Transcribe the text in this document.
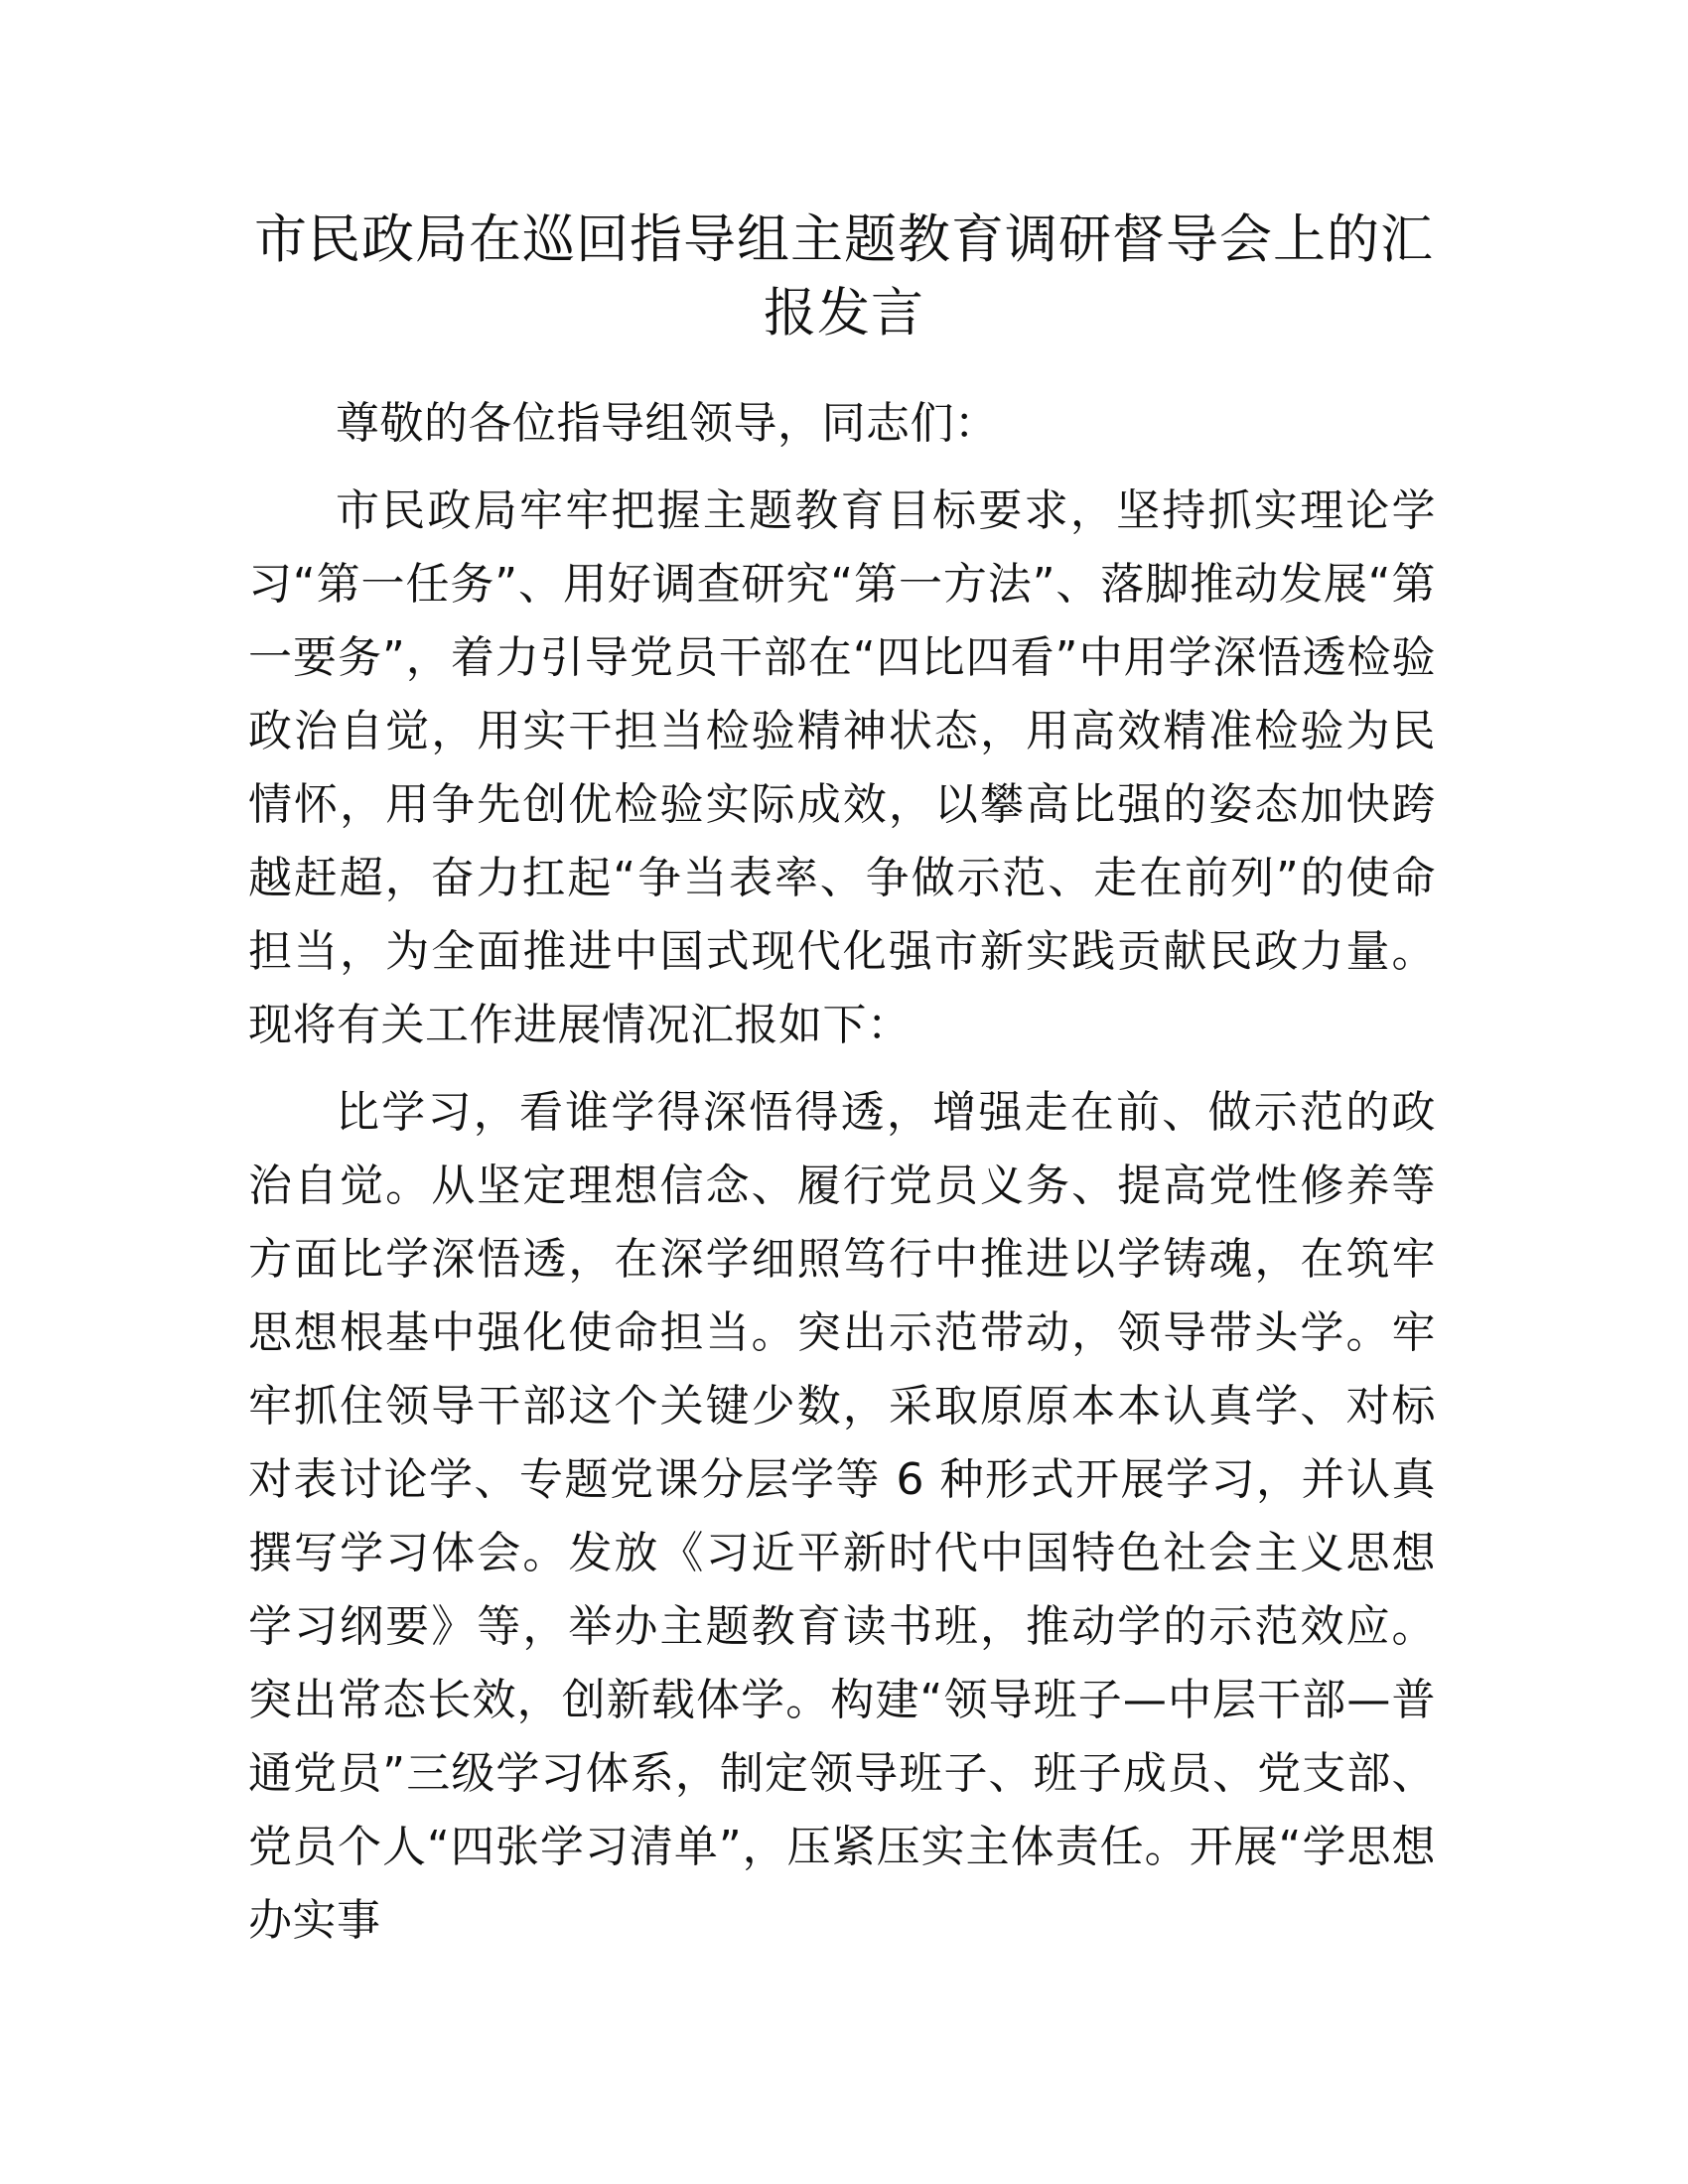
市民政局在巡回指导组主题教育调研督导会上的汇报发言

尊敬的各位指导组领导，同志们：

市民政局牢牢把握主题教育目标要求，坚持抓实理论学习“第一任务”、用好调查研究“第一方法”、落脚推动发展“第一要务”，着力引导党员干部在“四比四看”中用学深悟透检验政治自觉，用实干担当检验精神状态，用高效精准检验为民情怀，用争先创优检验实际成效，以攀高比强的姿态加快跨越赶超，奋力扛起“争当表率、争做示范、走在前列”的使命担当，为全面推进中国式现代化强市新实践贡献民政力量。现将有关工作进展情况汇报如下：

比学习，看谁学得深悟得透，增强走在前、做示范的政治自觉。从坚定理想信念、履行党员义务、提高党性修养等方面比学深悟透，在深学细照笃行中推进以学铸魂，在筑牢思想根基中强化使命担当。突出示范带动，领导带头学。牢牢抓住领导干部这个关键少数，采取原原本本认真学、对标对表讨论学、专题党课分层学等 6 种形式开展学习，并认真撰写学习体会。发放《习近平新时代中国特色社会主义思想学习纲要》等，举办主题教育读书班，推动学的示范效应。突出常态长效，创新载体学。构建“领导班子—中层干部—普通党员”三级学习体系，制定领导班子、班子成员、党支部、党员个人“四张学习清单”，压紧压实主体责任。开展“学思想办实事
